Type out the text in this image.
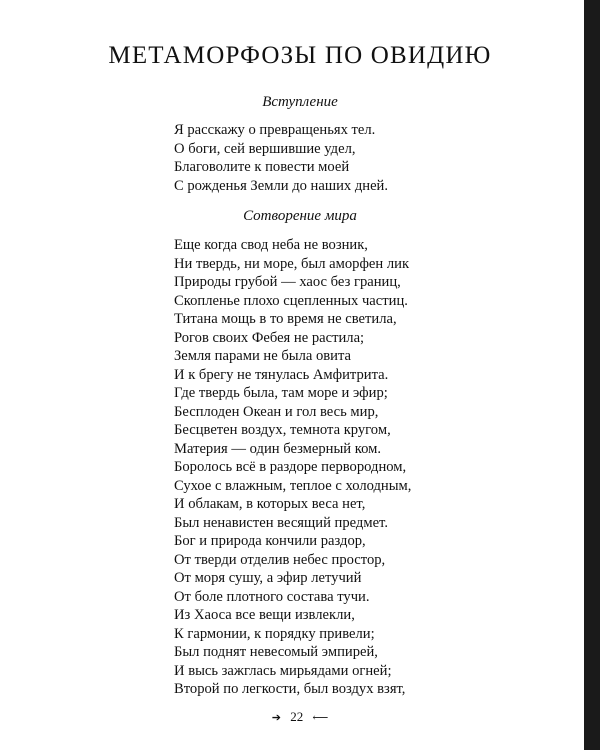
МЕТАМОРФОЗЫ ПО ОВИДИЮ
Вступление
Я расскажу о превращеньях тел.
О боги, сей вершившие удел,
Благоволите к повести моей
С рожденья Земли до наших дней.
Сотворение мира
Еще когда свод неба не возник,
Ни твердь, ни море, был аморфен лик
Природы грубой — хаос без границ,
Скопленье плохо сцепленных частиц.
Титана мощь в то время не светила,
Рогов своих Фебея не растила;
Земля парами не была овита
И к брегу не тянулась Амфитрита.
Где твердь была, там море и эфир;
Бесплоден Океан и гол весь мир,
Бесцветен воздух, темнота кругом,
Материя — один безмерный ком.
Боролось всё в раздоре первородном,
Сухое с влажным, теплое с холодным,
И облакам, в которых веса нет,
Был ненавистен весящий предмет.
Бог и природа кончили раздор,
От тверди отделив небес простор,
От моря сушу, а эфир летучий
От боле плотного состава тучи.
Из Хаоса все вещи извлекли,
К гармонии, к порядку привели;
Был поднят невесомый эмпирей,
И высь зажглась мирьядами огней;
Второй по легкости, был воздух взят,
➔ 22 ⟵
